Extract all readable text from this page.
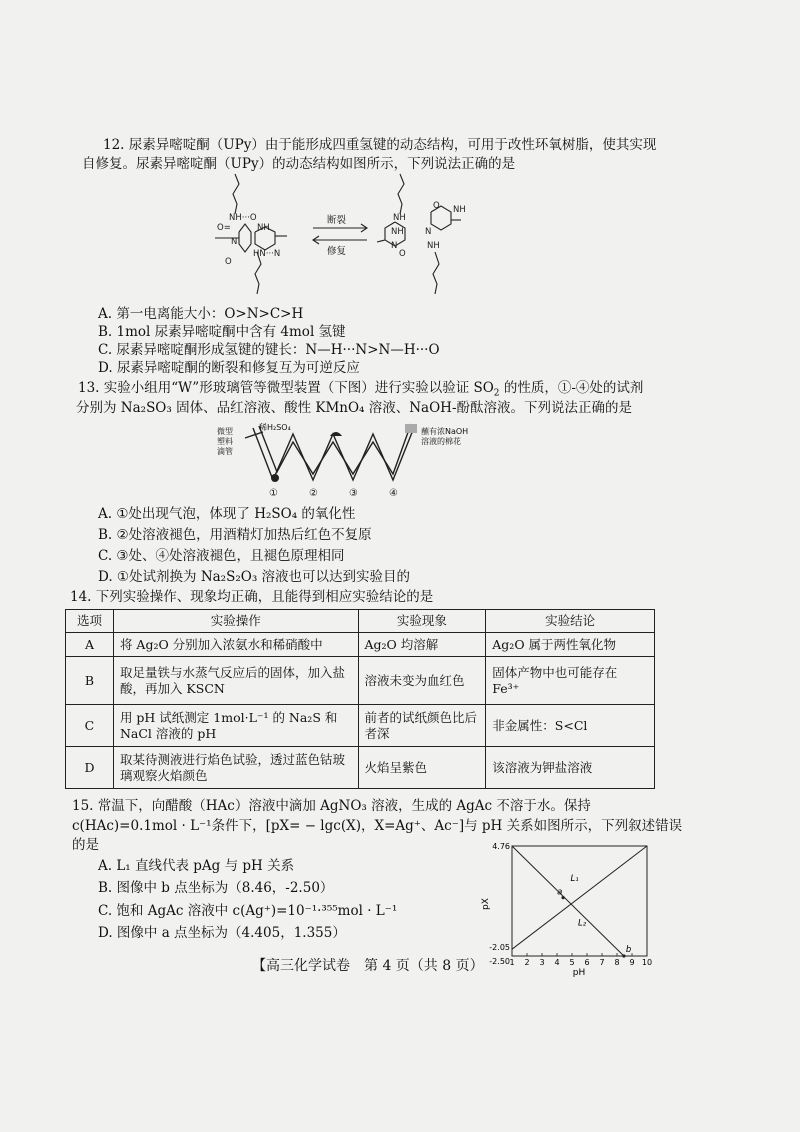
12. 尿素异嘧啶酮（UPy）由于能形成四重氢键的动态结构，可用于改性环氧树脂，使其实现
自修复。尿素异嘧啶酮（UPy）的动态结构如图所示，下列说法正确的是
NH···O
O=	NH
N
HN···N
O
NH
NH
N
O
O NH
N
NH
断裂
修复
A. 第一电离能大小：O>N>C>H
B. 1mol 尿素异嘧啶酮中含有 4mol 氢键
C. 尿素异嘧啶酮形成氢键的键长：N—H···N>N—H···O
D. 尿素异嘧啶酮的断裂和修复互为可逆反应
13. 实验小组用“W”形玻璃管等微型装置（下图）进行实验以验证 $SO_2$ 的性质，①-④处的试剂
分别为 Na₂SO₃ 固体、品红溶液、酸性 KMnO₄ 溶液、NaOH-酚酞溶液。下列说法正确的是
微型
塑料
滴管
稀H₂SO₄	蘸有浓NaOH
溶液的棉花
①	②	③	④
A. ①处出现气泡，体现了 H₂SO₄ 的氧化性
B. ②处溶液褪色，用酒精灯加热后红色不复原
C. ③处、④处溶液褪色，且褪色原理相同
D. ①处试剂换为 Na₂S₂O₃ 溶液也可以达到实验目的
14. 下列实验操作、现象均正确，且能得到相应实验结论的是
选项	实验操作	实验现象	实验结论
A	将 Ag₂O 分别加入浓氨水和稀硝酸中	Ag₂O 均溶解	Ag₂O 属于两性氧化物
B	取足量铁与水蒸气反应后的固体，加入盐酸，再加入 KSCN	溶液未变为血红色	固体产物中也可能存在 Fe³⁺
C	用 pH 试纸测定 1mol·L⁻¹ 的 Na₂S 和 NaCl 溶液的 pH	前者的试纸颜色比后者深	非金属性：S<Cl
D	取某待测液进行焰色试验，透过蓝色钴玻璃观察火焰颜色	火焰呈紫色	该溶液为钾盐溶液
15. 常温下，向醋酸（HAc）溶液中滴加 AgNO₃ 溶液，生成的 AgAc 不溶于水。保持
c(HAc)=0.1mol · L⁻¹条件下，[pX= − lgc(X)，X=Ag⁺、Ac⁻]与 pH 关系如图所示，下列叙述错误
的是
A. L₁ 直线代表 pAg 与 pH 关系
B. 图像中 b 点坐标为（8.46，-2.50）
C. 饱和 AgAc 溶液中 c(Ag⁺)=10⁻¹·³⁵⁵mol · L⁻¹
D. 图像中 a 点坐标为（4.405，1.355）
1 2 3 4 5 6 7 8 9 10
4.76
-2.05
-2.50
L₁
L₂
a
b
pH
pX
【高三化学试卷　第 4 页（共 8 页）
